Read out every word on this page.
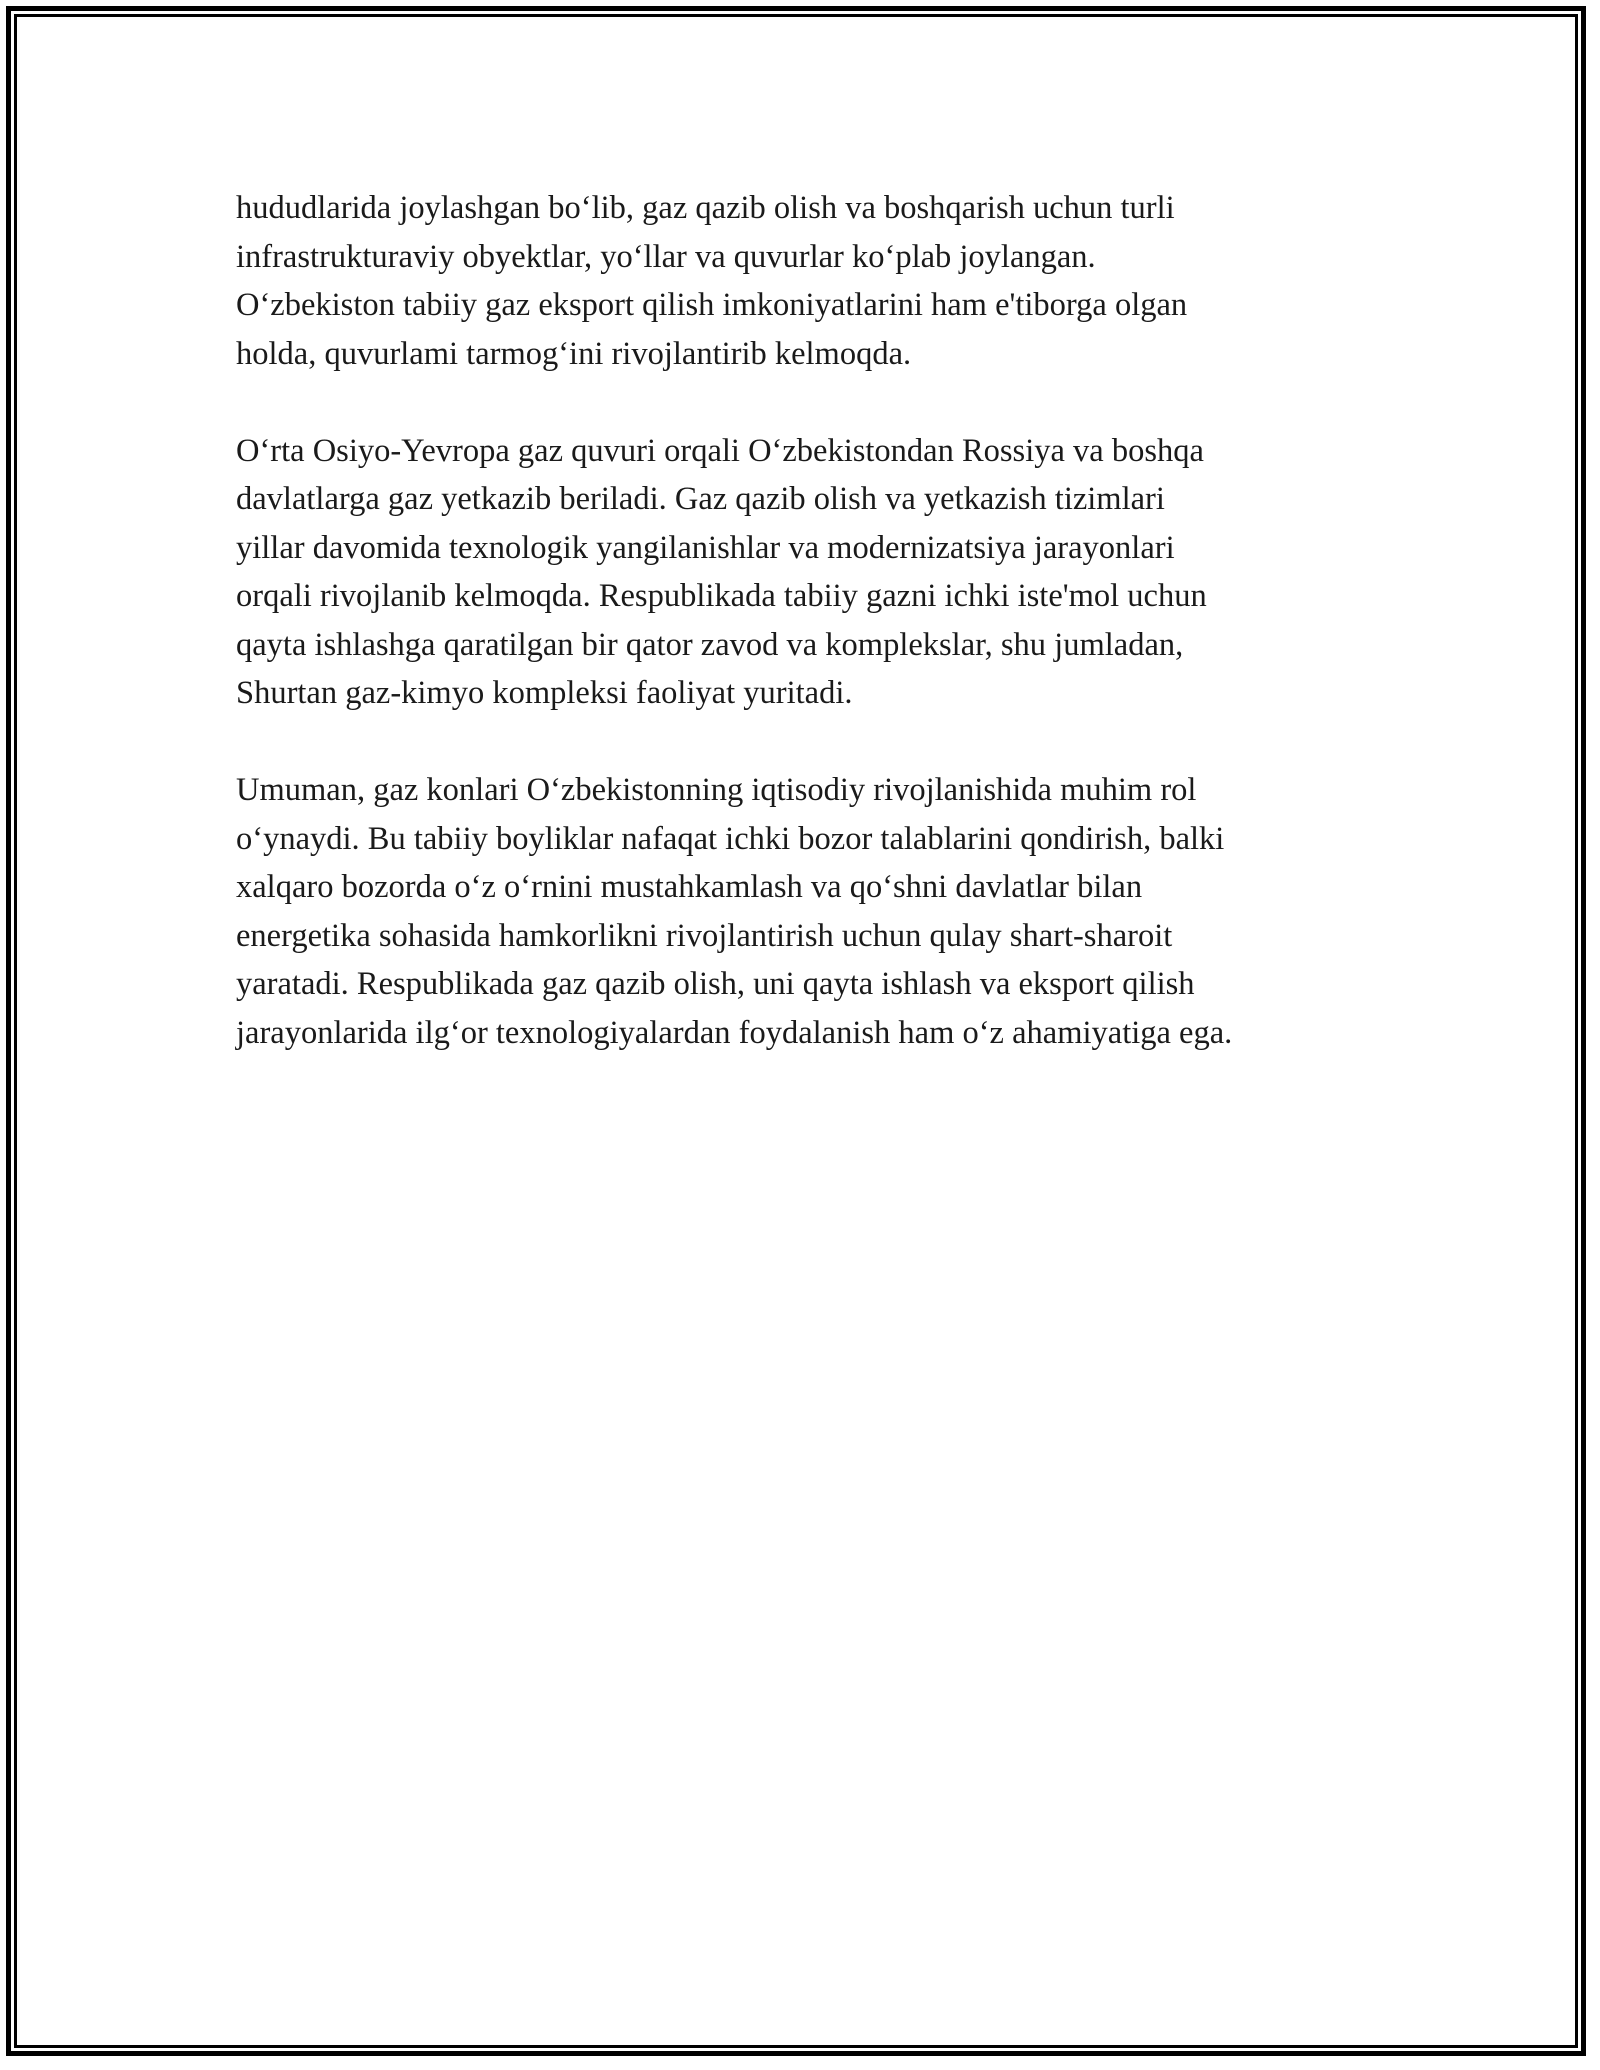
hududlarida joylashgan bo‘lib, gaz qazib olish va boshqarish uchun turli
infrastrukturaviy obyektlar, yo‘llar va quvurlar ko‘plab joylangan.
O‘zbekiston tabiiy gaz eksport qilish imkoniyatlarini ham e'tiborga olgan
holda, quvurlami tarmog‘ini rivojlantirib kelmoqda.

O‘rta Osiyo-Yevropa gaz quvuri orqali O‘zbekistondan Rossiya va boshqa
davlatlarga gaz yetkazib beriladi. Gaz qazib olish va yetkazish tizimlari
yillar davomida texnologik yangilanishlar va modernizatsiya jarayonlari
orqali rivojlanib kelmoqda. Respublikada tabiiy gazni ichki iste'mol uchun
qayta ishlashga qaratilgan bir qator zavod va komplekslar, shu jumladan,
Shurtan gaz-kimyo kompleksi faoliyat yuritadi.

Umuman, gaz konlari O‘zbekistonning iqtisodiy rivojlanishida muhim rol
o‘ynaydi. Bu tabiiy boyliklar nafaqat ichki bozor talablarini qondirish, balki
xalqaro bozorda o‘z o‘rnini mustahkamlash va qo‘shni davlatlar bilan
energetika sohasida hamkorlikni rivojlantirish uchun qulay shart-sharoit
yaratadi. Respublikada gaz qazib olish, uni qayta ishlash va eksport qilish
jarayonlarida ilg‘or texnologiyalardan foydalanish ham o‘z ahamiyatiga ega.
